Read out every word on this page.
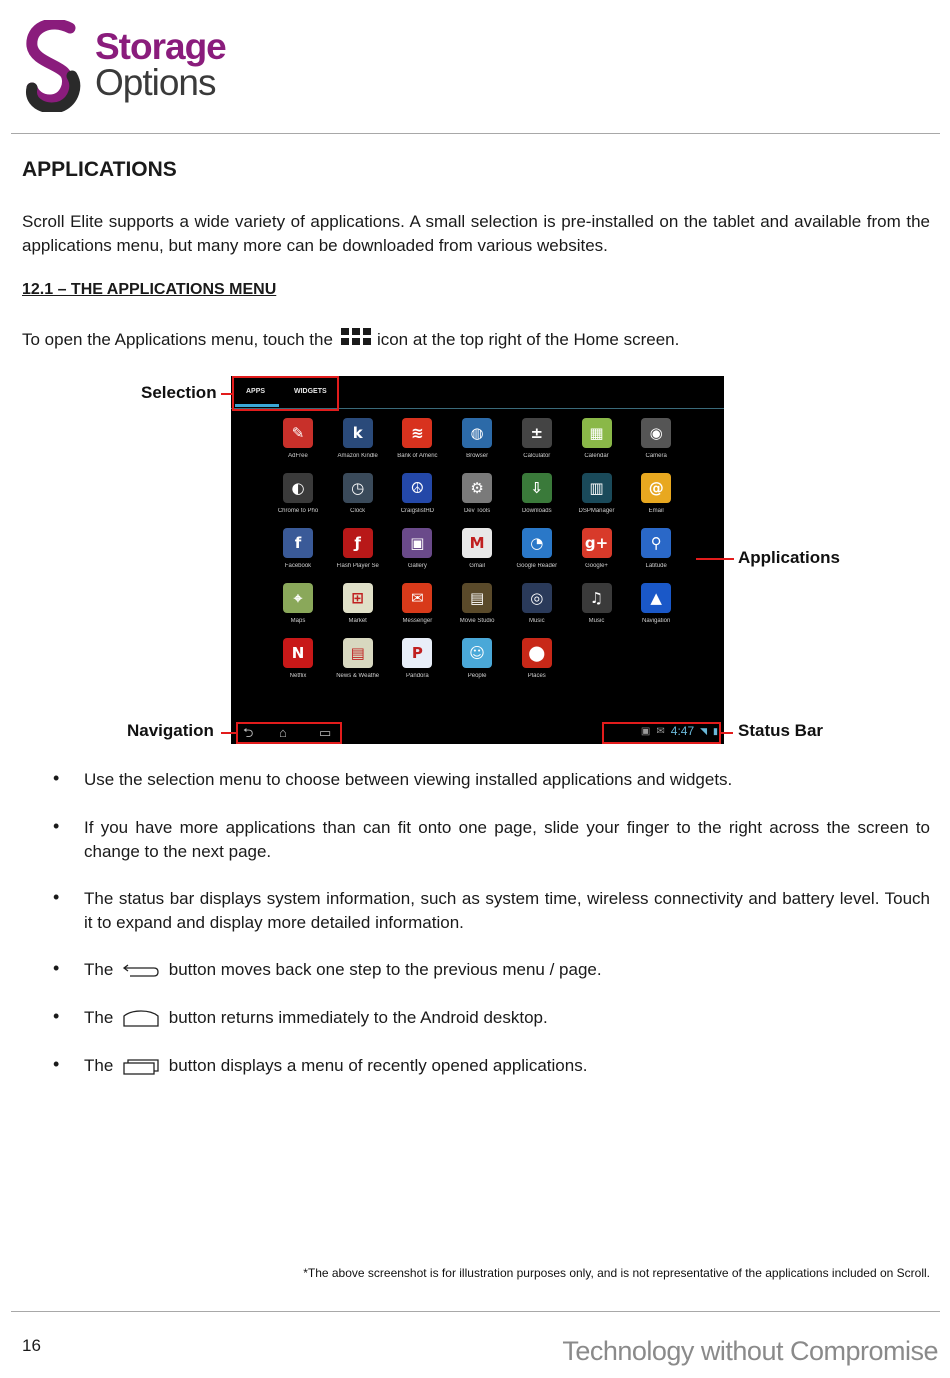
Storage
Options
APPLICATIONS

Scroll Elite supports a wide variety of applications. A small selection is pre-installed on the tablet and available from the applications menu, but many more can be downloaded from various websites.

12.1 – THE APPLICATIONS MENU

To open the Applications menu, touch the	icon at the top right of the Home screen.
APPS	WIDGETS
✎
AdFree
k
Amazon Kindle
≋
Bank of Americ
◍
Browser
±
Calculator
▦
Calendar
◉
Camera
◐
Chrome to Pho
◷
Clock
☮
CraigslistHD
⚙
Dev Tools
⇩
Downloads
▥
DSPManager
@
Email
f
Facebook
ƒ
Flash Player Se
▣
Gallery
M
Gmail
◔
Google Reader
g+
Google+
⚲
Latitude
⌖
Maps
⊞
Market
✉
Messenger
▤
Movie Studio
◎
Music
♫
Music
▲
Navigation
N
Netflix
▤
News & Weathe
P
Pandora
☺
People
⬤
Places
⮌ ⌂ ▭	▣ ✉ 4:47 ◥ ▮
Selection
Applications
Navigation	Status Bar
• Use the selection menu to choose between viewing installed applications and widgets.

• If you have more applications than can fit onto one page, slide your finger to the right across the screen to change to the next page.

• The status bar displays system information, such as system time, wireless connectivity and battery level. Touch it to expand and display more detailed information.

• The	button moves back one step to the previous menu / page.

• The	button returns immediately to the Android desktop.

• The	button displays a menu of recently opened applications.

*The above screenshot is for illustration purposes only, and is not representative of the applications included on Scroll.
16	Technology without Compromise
